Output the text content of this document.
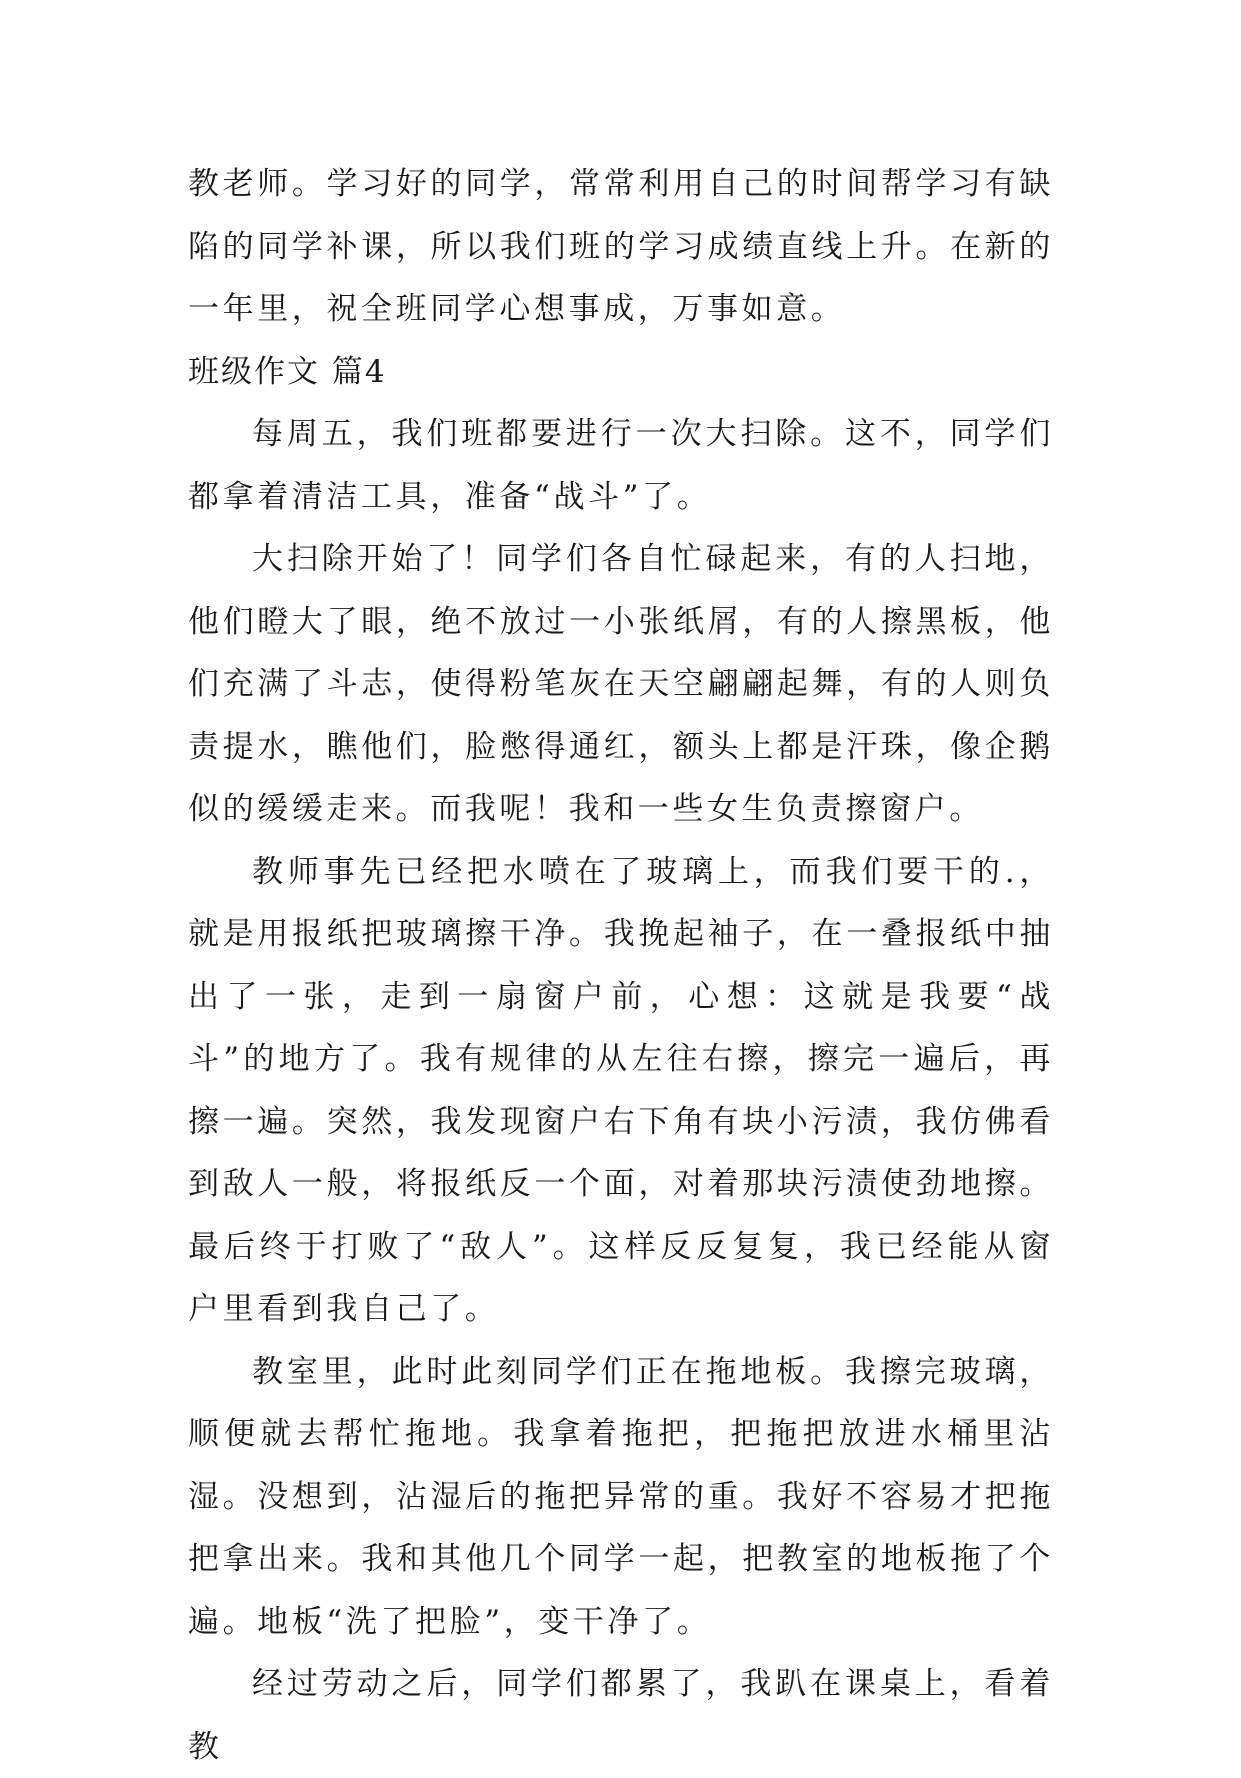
教老师。学习好的同学，常常利用自己的时间帮学习有缺陷的同学补课，所以我们班的学习成绩直线上升。在新的一年里，祝全班同学心想事成，万事如意。

班级作文 篇4

每周五，我们班都要进行一次大扫除。这不，同学们都拿着清洁工具，准备“战斗”了。

大扫除开始了！同学们各自忙碌起来，有的人扫地，他们瞪大了眼，绝不放过一小张纸屑，有的人擦黑板，他们充满了斗志，使得粉笔灰在天空翩翩起舞，有的人则负责提水，瞧他们，脸憋得通红，额头上都是汗珠，像企鹅似的缓缓走来。而我呢！我和一些女生负责擦窗户。

教师事先已经把水喷在了玻璃上，而我们要干的.，就是用报纸把玻璃擦干净。我挽起袖子，在一叠报纸中抽出了一张，走到一扇窗户前，心想：这就是我要“战斗”的地方了。我有规律的从左往右擦，擦完一遍后，再擦一遍。突然，我发现窗户右下角有块小污渍，我仿佛看到敌人一般，将报纸反一个面，对着那块污渍使劲地擦。最后终于打败了“敌人”。这样反反复复，我已经能从窗户里看到我自己了。

教室里，此时此刻同学们正在拖地板。我擦完玻璃，顺便就去帮忙拖地。我拿着拖把，把拖把放进水桶里沾湿。没想到，沾湿后的拖把异常的重。我好不容易才把拖把拿出来。我和其他几个同学一起，把教室的地板拖了个遍。地板“洗了把脸”，变干净了。

经过劳动之后，同学们都累了，我趴在课桌上，看着教
